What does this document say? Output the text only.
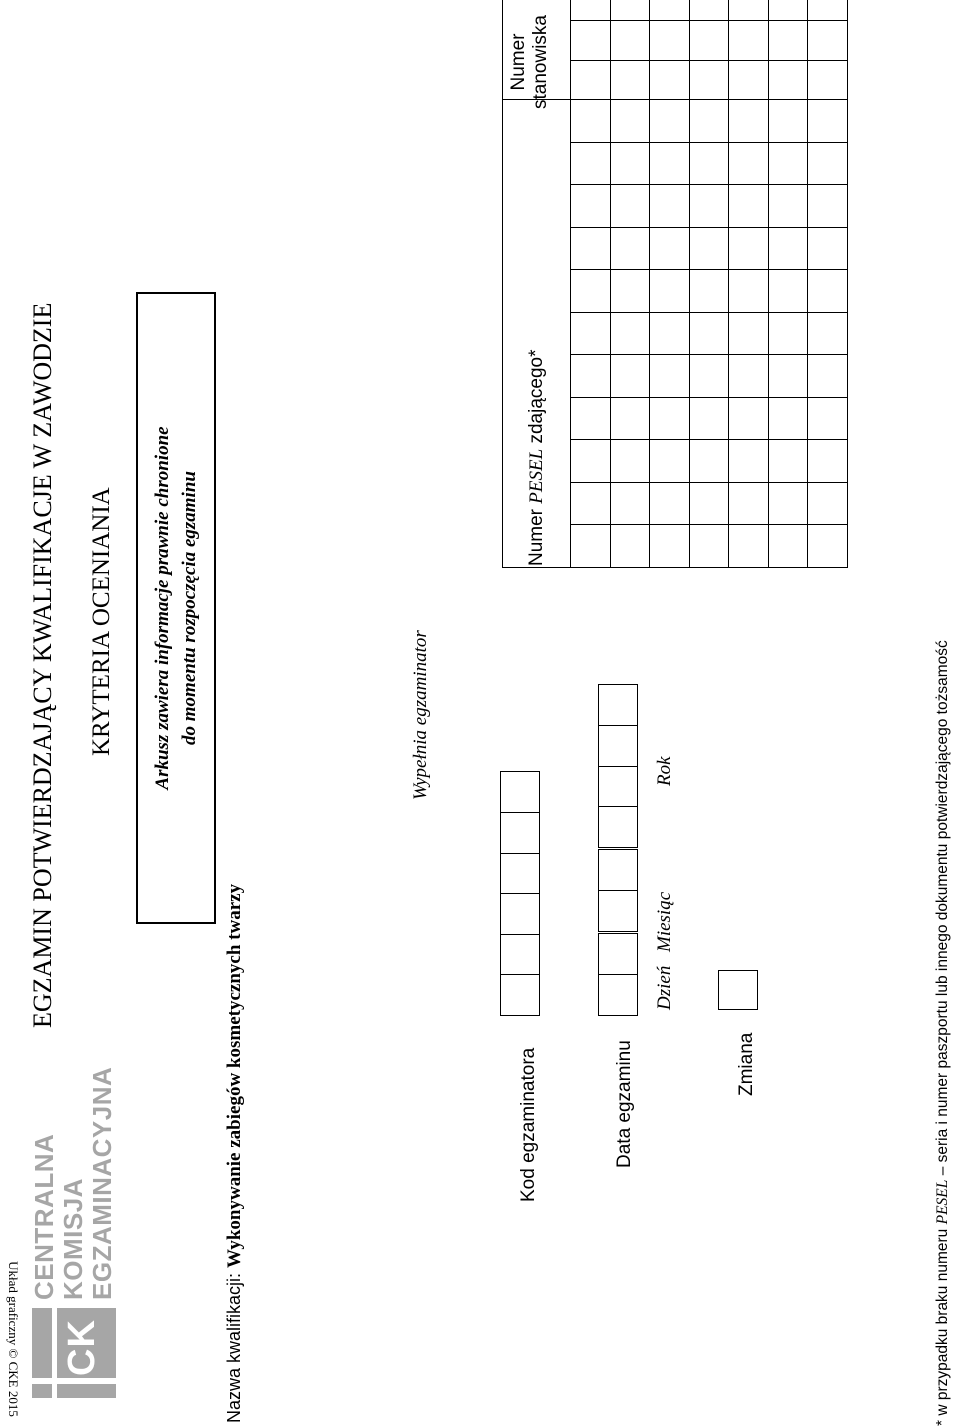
Układ graficzny © CKE 2015 CK
CENTRALNA KOMISJA EGZAMINACYJNA
EGZAMIN POTWIERDZAJĄCY KWALIFIKACJE W ZAWODZIE KRYTERIA OCENIANIA Arkusz zawiera informacje prawnie chronione do momentu rozpoczęcia egzaminu
Nazwa kwalifikacji: Wykonywanie zabiegów kosmetycznych twarzy
Wypełnia egzaminator
Kod egzaminatora	Data egzaminu
Dzień
Miesiąc
Rok
Zmiana
Numer PESEL zdającego*
Numer stanowiska
* w przypadku braku numeru PESEL – seria i numer paszportu lub innego dokumentu potwierdzającego tożsamość
